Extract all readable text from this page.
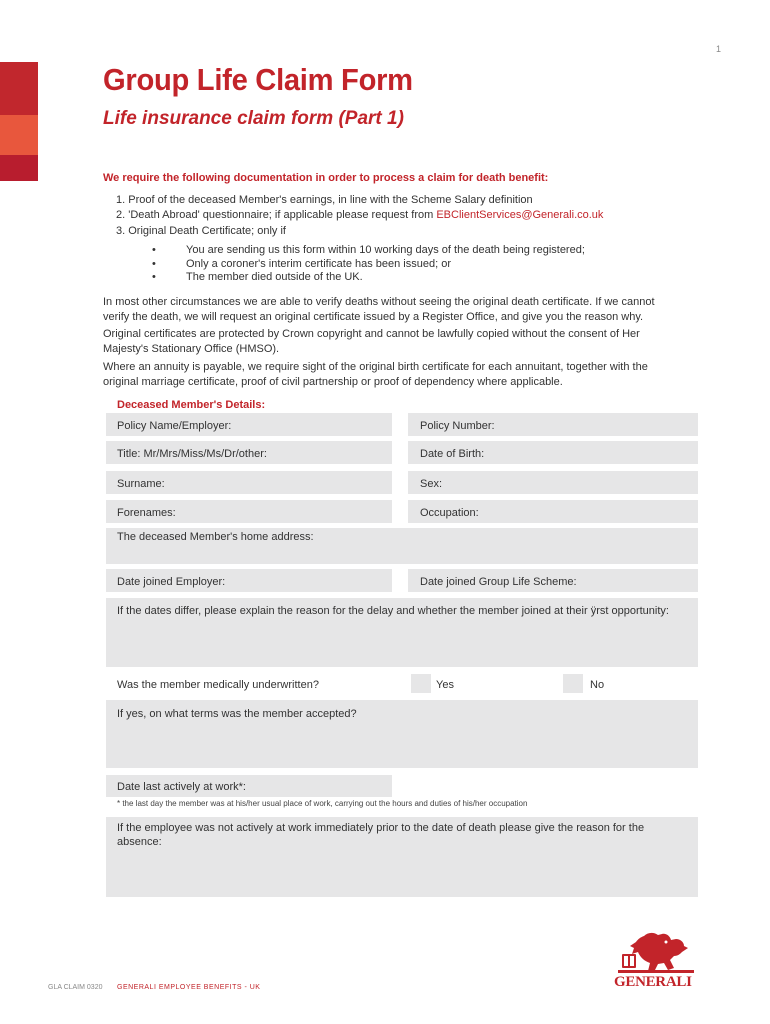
1
Group Life Claim Form
Life insurance claim form (Part 1)
We require the following documentation in order to process a claim for death benefit:
1. Proof of the deceased Member's earnings, in line with the Scheme Salary definition
2. 'Death Abroad' questionnaire; if applicable please request from EBClientServices@Generali.co.uk
3. Original Death Certificate; only if
•	You are sending us this form within 10 working days of the death being registered;
•	Only a coroner's interim certificate has been issued; or
•	The member died outside of the UK.
In most other circumstances we are able to verify deaths without seeing the original death certificate. If we cannot verify the death, we will request an original certificate issued by a Register Office, and give you the reason why.
Original certificates are protected by Crown copyright and cannot be lawfully copied without the consent of Her Majesty's Stationary Office (HMSO).
Where an annuity is payable, we require sight of the original birth certificate for each annuitant, together with the original marriage certificate, proof of civil partnership or proof of dependency where applicable.
Deceased Member's Details:
Policy Name/Employer:	Policy Number:
Title: Mr/Mrs/Miss/Ms/Dr/other:	Date of Birth:
Surname:	Sex:
Forenames:	Occupation:
The deceased Member's home address:
Date joined Employer:	Date joined Group Life Scheme:
If the dates differ, please explain the reason for the delay and whether the member joined at their ÿrst opportunity:
Was the member medically underwritten?	Yes	No
If yes, on what terms was the member accepted?
Date last actively at work*:
* the last day the member was at his/her usual place of work, carrying out the hours and duties of his/her occupation
If the employee was not actively at work immediately prior to the date of death please give the reason for the absence:
GLA CLAIM 0320 GENERALI EMPLOYEE BENEFITS - UK	GENERALI
